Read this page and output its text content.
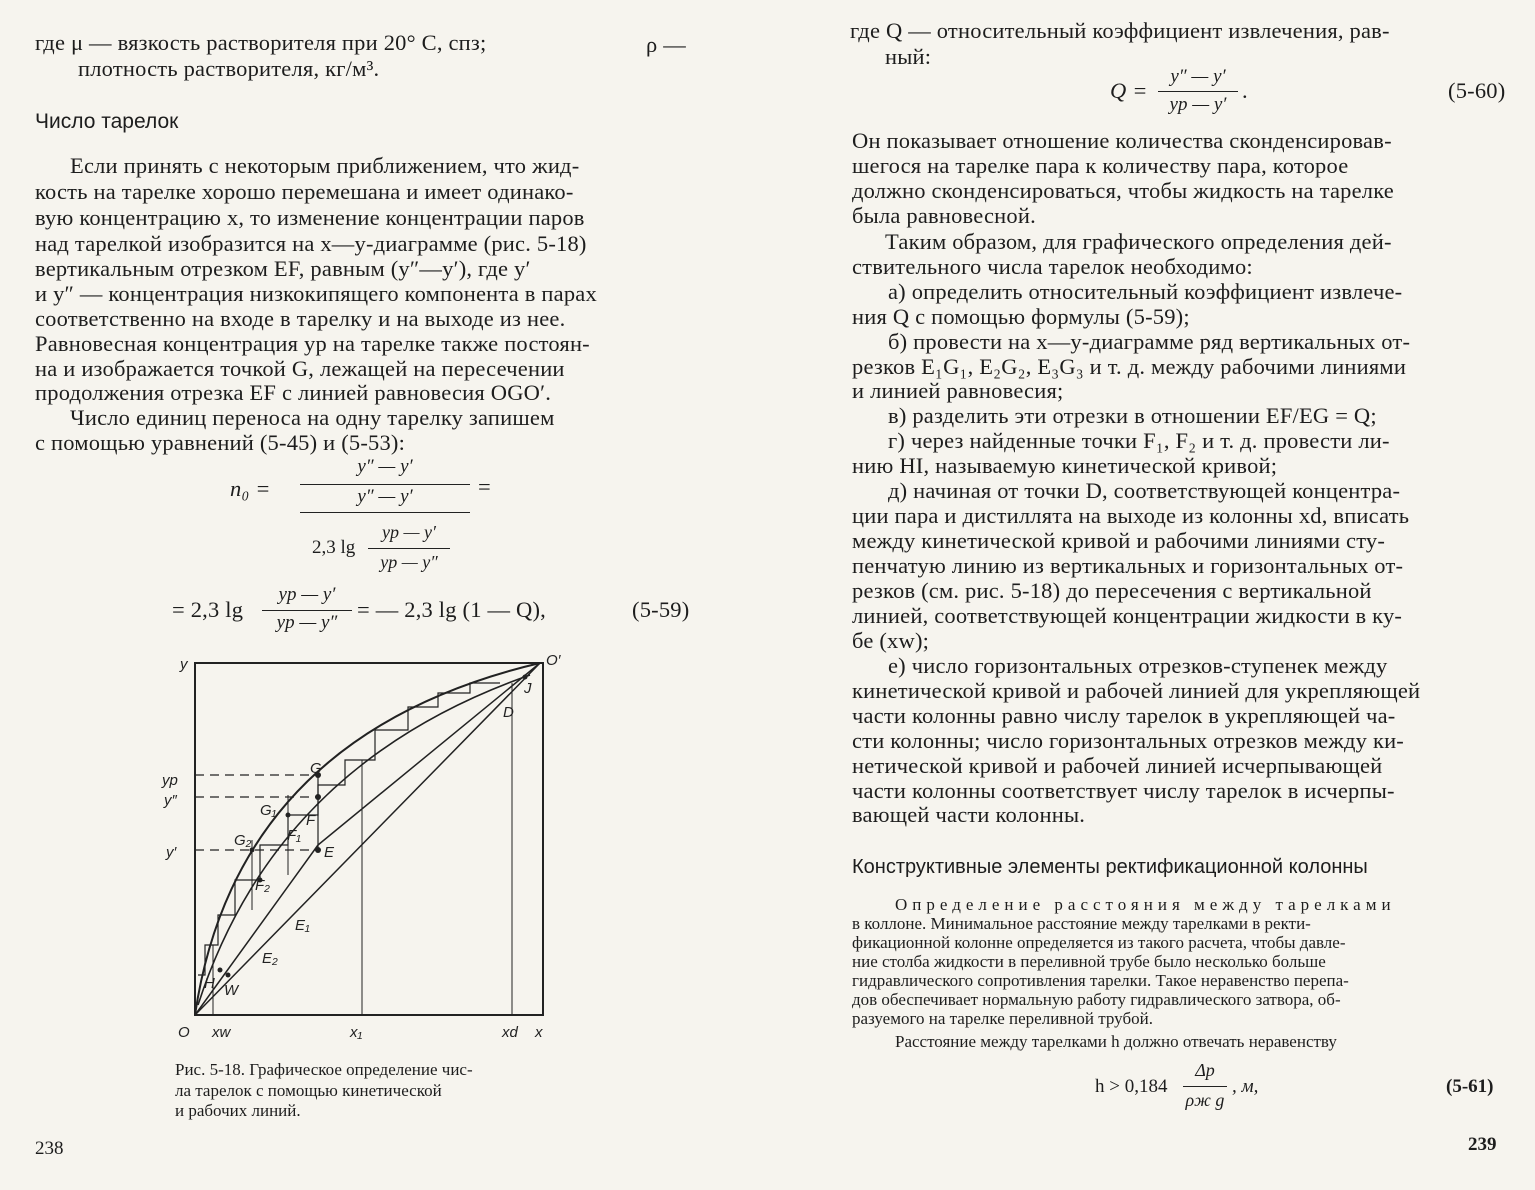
где μ — вязкость растворителя при 20° С, спз;	ρ —
плотность растворителя, кг/м³.
Число тарелок
Если принять с некоторым приближением, что жид-
кость на тарелке хорошо перемешана и имеет одинако-
вую концентрацию x, то изменение концентрации паров
над тарелкой изобразится на x—y-диаграмме (рис. 5-18)
вертикальным отрезком EF, равным (y″—y′), где y′
и y″ — концентрация низкокипящего компонента в парах
соответственно на входе в тарелку и на выходе из нее.
Равновесная концентрация yр на тарелке также постоян-
на и изображается точкой G, лежащей на пересечении
продолжения отрезка EF с линией равновесия OGO′.
Число единиц переноса на одну тарелку запишем
с помощью уравнений (5-45) и (5-53):
n₀ =
y″ — y′
=
y″ — y′
2,3 lg
yр — y′
yр — y″
= 2,3 lg
yр — y′
yр — y″
= — 2,3 lg (1 — Q),	(5-59)
y
O
O′
J
D
G
G₁
G₂
F
F₁
F₂
E
E₁
E₂
H W
yp
y″
y′
xw	x₁	xd x
Рис. 5-18. Графическое определение чис-
ла тарелок с помощью кинетической
и рабочих линий.
238
где Q — относительный коэффициент извлечения, рав-
ный:
Q =
y″ — y′
yр — y′
.	(5-60)
Он показывает отношение количества сконденсировав-
шегося на тарелке пара к количеству пара, которое
должно сконденсироваться, чтобы жидкость на тарелке
была равновесной.
Таким образом, для графического определения дей-
ствительного числа тарелок необходимо:
а) определить относительный коэффициент извлече-
ния Q с помощью формулы (5-59);
б) провести на x—y-диаграмме ряд вертикальных от-
резков E₁G₁, E₂G₂, E₃G₃ и т. д. между рабочими линиями
и линией равновесия;
в) разделить эти отрезки в отношении EF/EG = Q;
г) через найденные точки F₁, F₂ и т. д. провести ли-
нию HI, называемую кинетической кривой;
д) начиная от точки D, соответствующей концентра-
ции пара и дистиллята на выходе из колонны xd, вписать
между кинетической кривой и рабочими линиями сту-
пенчатую линию из вертикальных и горизонтальных от-
резков (см. рис. 5-18) до пересечения с вертикальной
линией, соответствующей концентрации жидкости в ку-
бе (xw);
е) число горизонтальных отрезков-ступенек между
кинетической кривой и рабочей линией для укрепляющей
части колонны равно числу тарелок в укрепляющей ча-
сти колонны; число горизонтальных отрезков между ки-
нетической кривой и рабочей линией исчерпывающей
части колонны соответствует числу тарелок в исчерпы-
вающей части колонны.
Конструктивные элементы ректификационной колонны
Определение расстояния между тарелками
в коллоне. Минимальное расстояние между тарелками в ректи-
фикационной колонне определяется из такого расчета, чтобы давле-
ние столба жидкости в переливной трубе было несколько больше
гидравлического сопротивления тарелки. Такое неравенство перепа-
дов обеспечивает нормальную работу гидравлического затвора, об-
разуемого на тарелке переливной трубой.
Расстояние между тарелками h должно отвечать неравенству
h > 0,184
Δp
ρж g
, м,	(5-61)
239
